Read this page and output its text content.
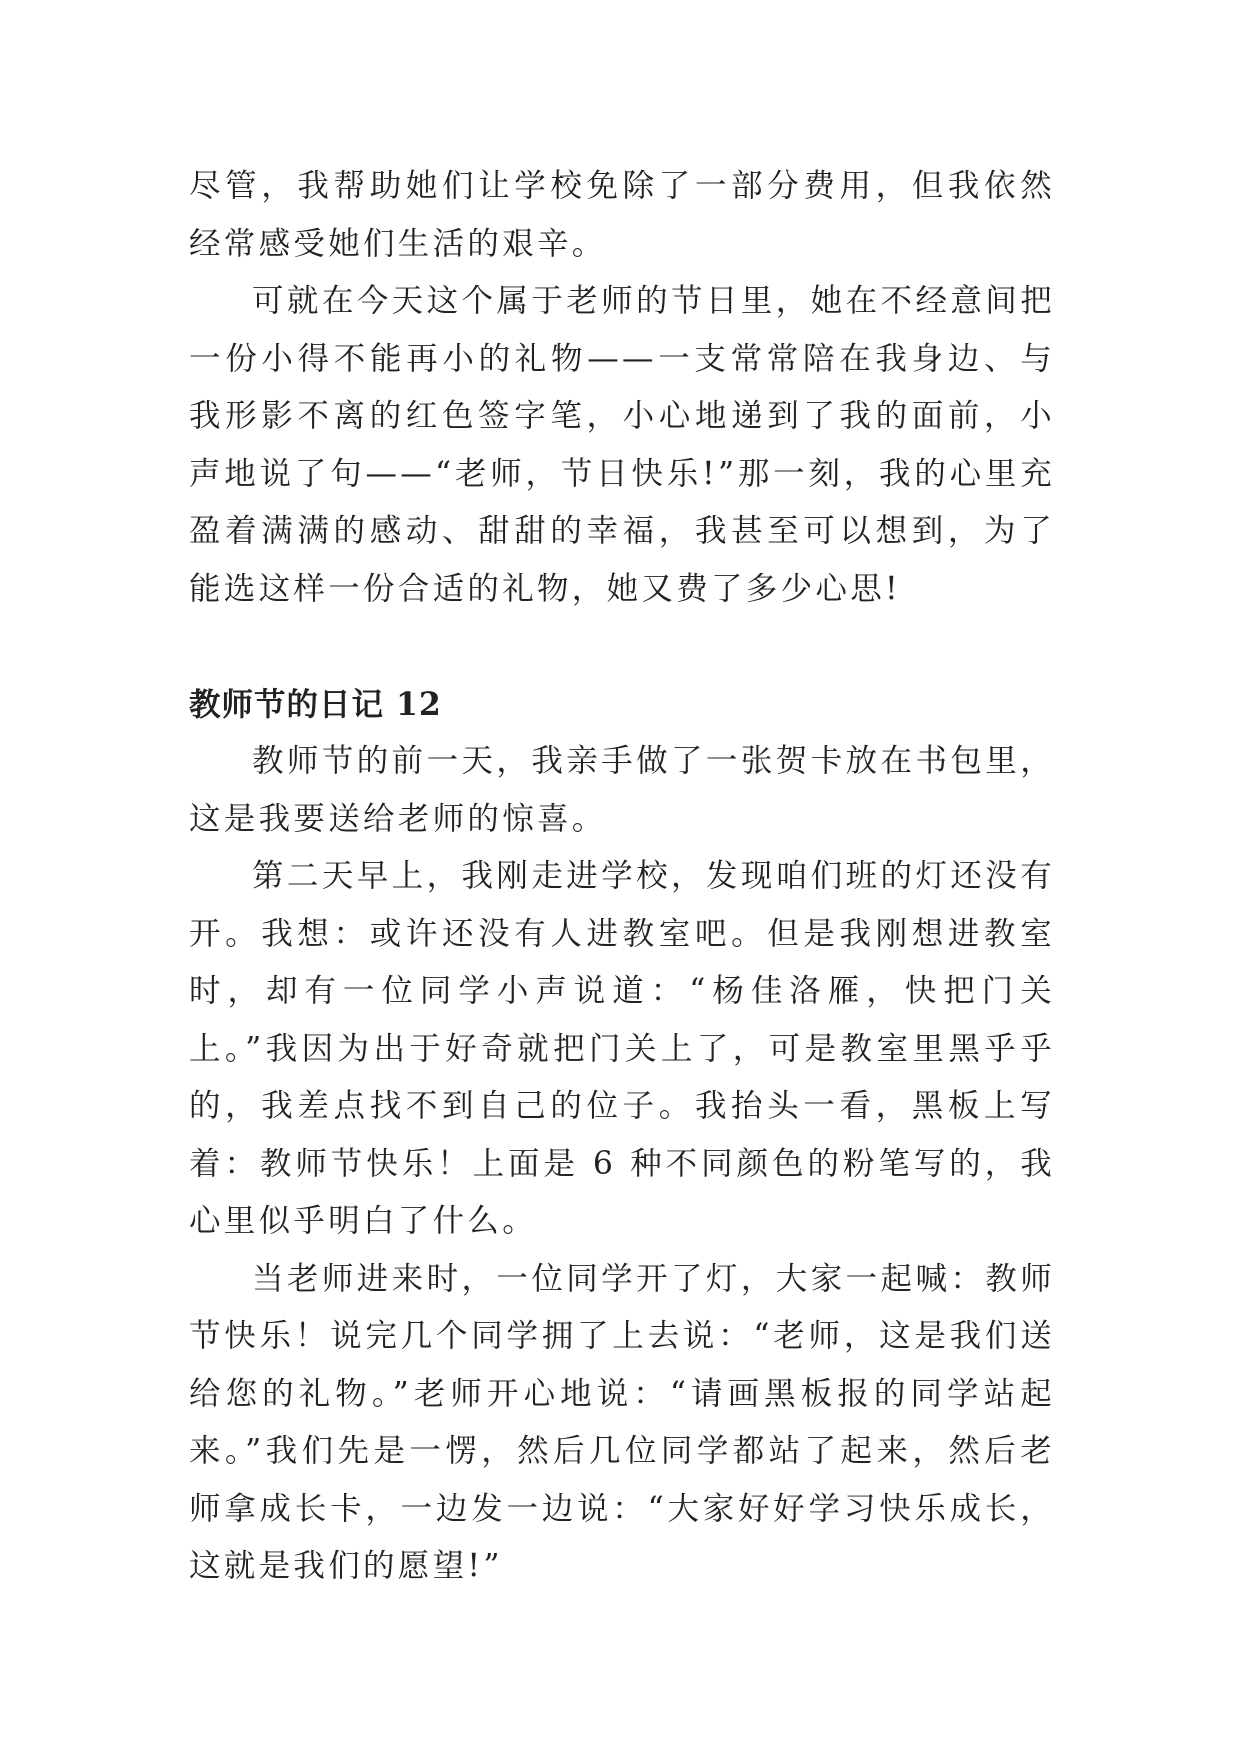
尽管，我帮助她们让学校免除了一部分费用，但我依然经常感受她们生活的艰辛。

可就在今天这个属于老师的节日里，她在不经意间把一份小得不能再小的礼物——一支常常陪在我身边、与我形影不离的红色签字笔，小心地递到了我的面前，小声地说了句——“老师，节日快乐!”那一刻，我的心里充盈着满满的感动、甜甜的幸福，我甚至可以想到，为了能选这样一份合适的礼物，她又费了多少心思!

教师节的日记 12

教师节的前一天，我亲手做了一张贺卡放在书包里，这是我要送给老师的惊喜。

第二天早上，我刚走进学校，发现咱们班的灯还没有开。我想：或许还没有人进教室吧。但是我刚想进教室时，却有一位同学小声说道：“杨佳洛雁，快把门关上。”我因为出于好奇就把门关上了，可是教室里黑乎乎的，我差点找不到自己的位子。我抬头一看，黑板上写着：教师节快乐！上面是 6 种不同颜色的粉笔写的，我心里似乎明白了什么。

当老师进来时，一位同学开了灯，大家一起喊：教师节快乐！说完几个同学拥了上去说：“老师，这是我们送给您的礼物。”老师开心地说：“请画黑板报的同学站起来。”我们先是一愣，然后几位同学都站了起来，然后老师拿成长卡，一边发一边说：“大家好好学习快乐成长，这就是我们的愿望!”
